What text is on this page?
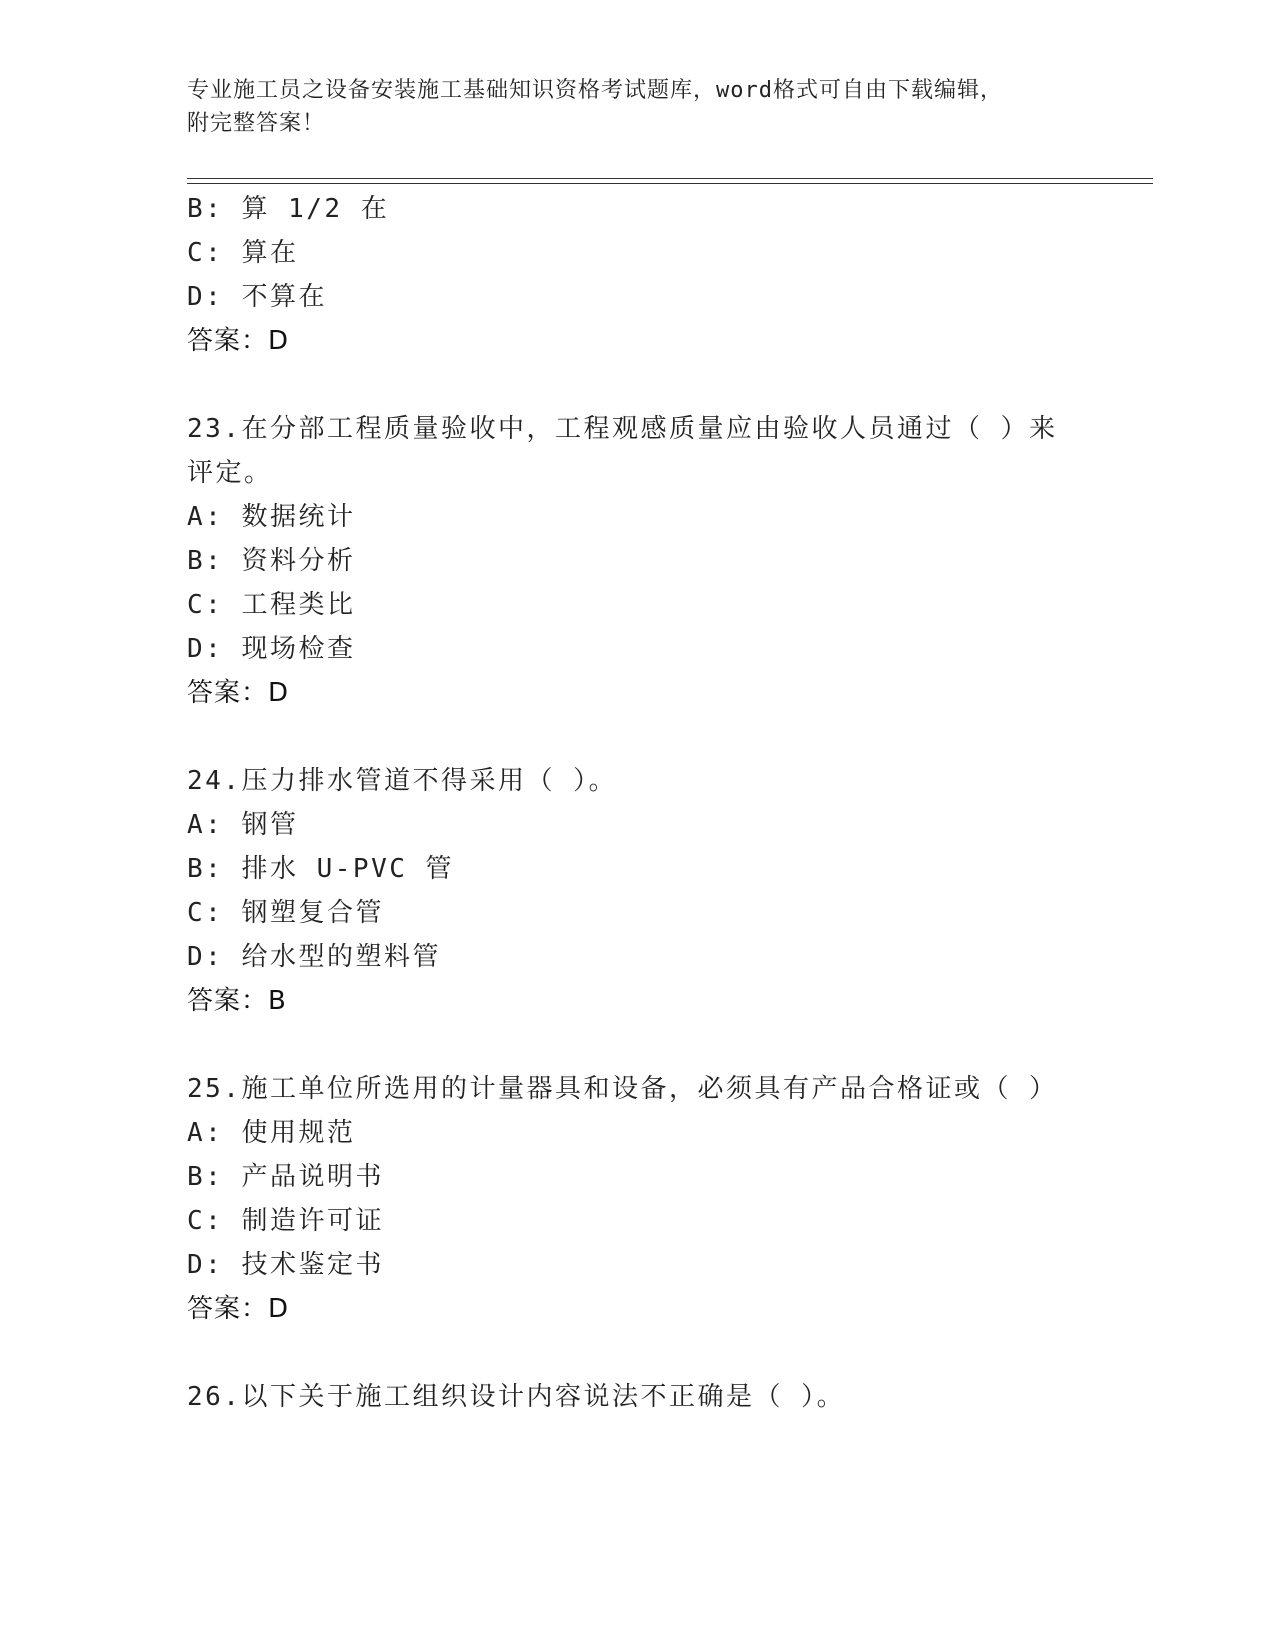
专业施工员之设备安装施工基础知识资格考试题库，word格式可自由下载编辑，
附完整答案！
B: 算 1/2 在
C: 算在
D: 不算在
答案：D
23.在分部工程质量验收中，工程观感质量应由验收人员通过（ ）来
评定。
A: 数据统计
B: 资料分析
C: 工程类比
D: 现场检查
答案：D
24.压力排水管道不得采用（ ）。
A: 钢管
B: 排水 U-PVC 管
C: 钢塑复合管
D: 给水型的塑料管
答案：B
25.施工单位所选用的计量器具和设备，必须具有产品合格证或（ ）
A: 使用规范
B: 产品说明书
C: 制造许可证
D: 技术鉴定书
答案：D
26.以下关于施工组织设计内容说法不正确是（ ）。
